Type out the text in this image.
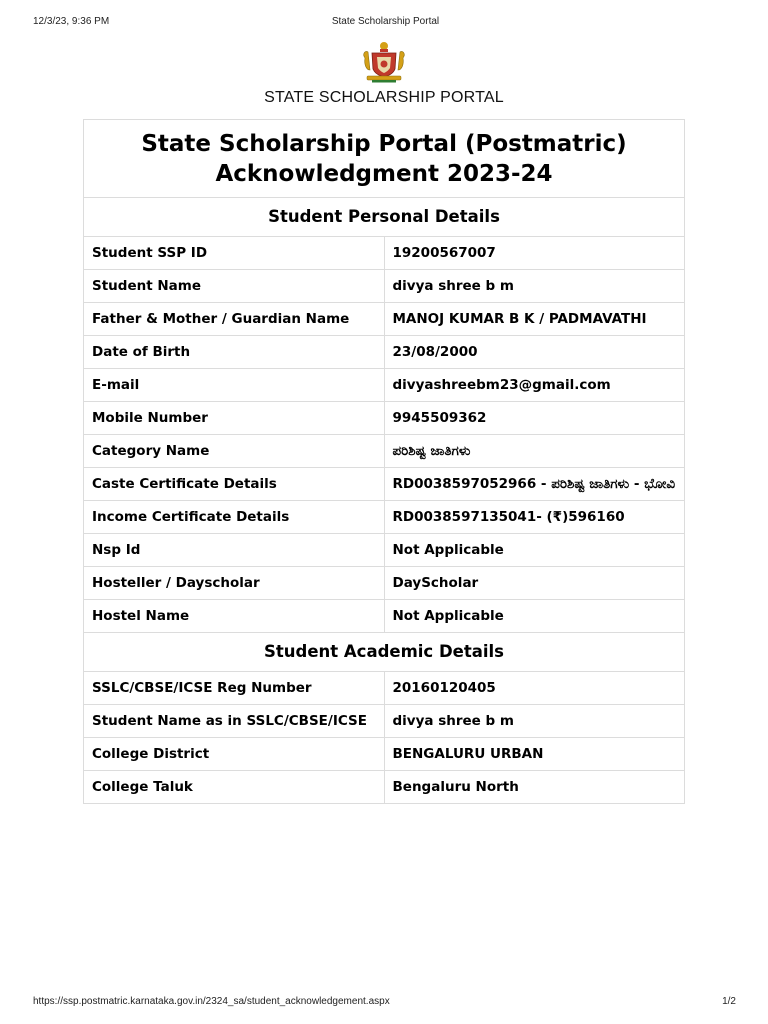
12/3/23, 9:36 PM	State Scholarship Portal
STATE SCHOLARSHIP PORTAL
State Scholarship Portal (Postmatric)
Acknowledgment 2023-24	

Student Personal Details	
Student SSP ID	19200567007
Student Name	divya shree b m
Father & Mother / Guardian Name	MANOJ KUMAR B K / PADMAVATHI
Date of Birth	23/08/2000
E-mail	divyashreebm23@gmail.com
Mobile Number	9945509362
Category Name	ಪರಿಶಿಷ್ಟ ಜಾತಿಗಳು
Caste Certificate Details	RD0038597052966 - ಪರಿಶಿಷ್ಟ ಜಾತಿಗಳು - ಭೋವಿ
Income Certificate Details	RD0038597135041- (₹)596160
Nsp Id	Not Applicable
Hosteller / Dayscholar	DayScholar
Hostel Name	Not Applicable
Student Academic Details	
SSLC/CBSE/ICSE Reg Number	20160120405
Student Name as in SSLC/CBSE/ICSE	divya shree b m
College District	BENGALURU URBAN
College Taluk	Bengaluru North
https://ssp.postmatric.karnataka.gov.in/2324_sa/student_acknowledgement.aspx	1/2
